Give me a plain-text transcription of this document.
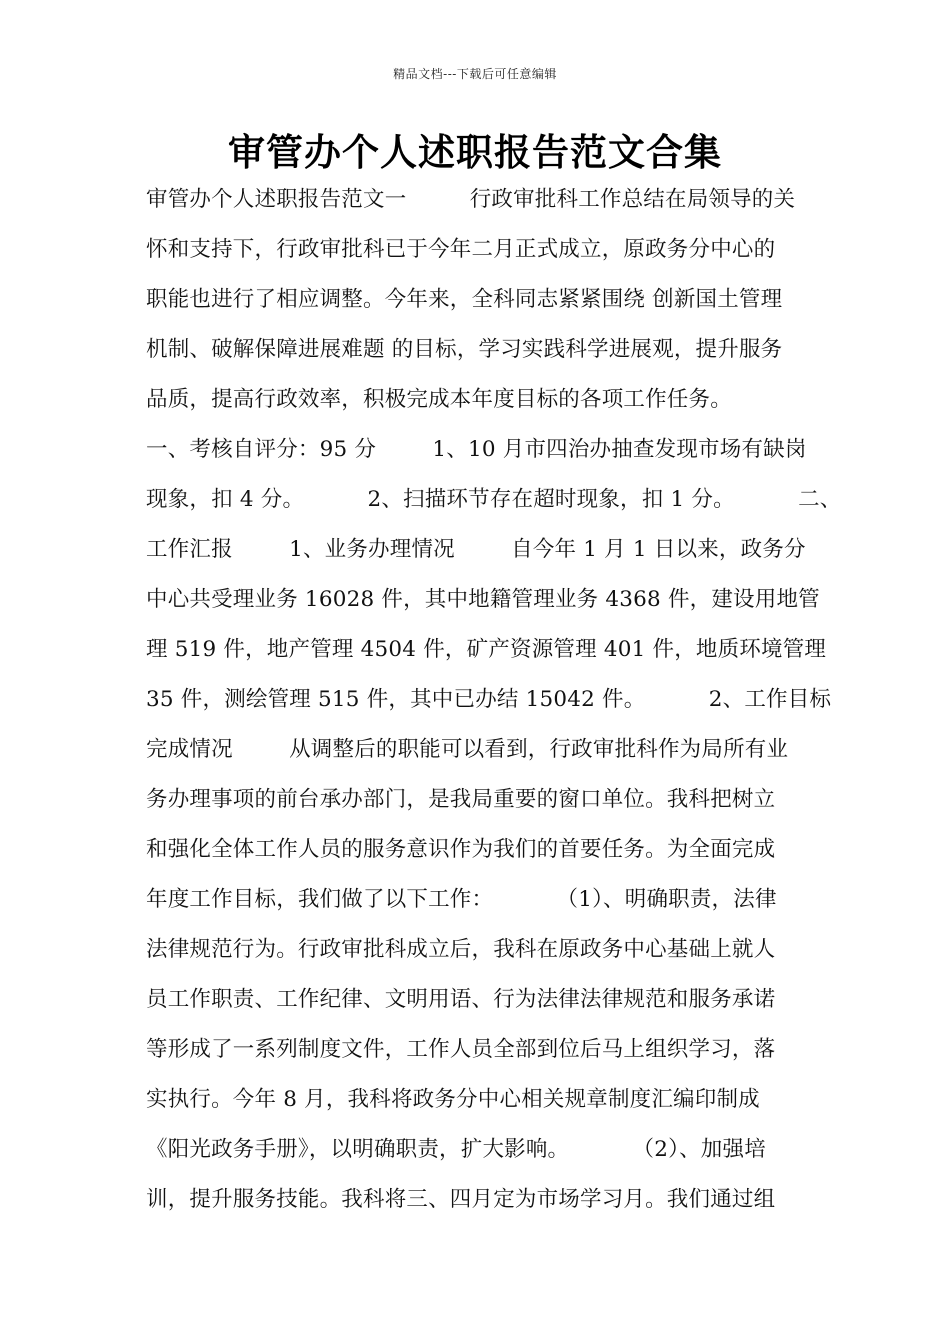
精品文档---下载后可任意编辑
审管办个人述职报告范文合集
审管办个人述职报告范文一         行政审批科工作总结在局领导的关
怀和支持下，行政审批科已于今年二月正式成立，原政务分中心的
职能也进行了相应调整。今年来，全科同志紧紧围绕 创新国土管理
机制、破解保障进展难题 的目标，学习实践科学进展观，提升服务
品质，提高行政效率，积极完成本年度目标的各项工作任务。
一、考核自评分：95 分        1、10 月市四治办抽查发现市场有缺岗
现象，扣 4 分。         2、扫描环节存在超时现象，扣 1 分。         二、
工作汇报        1、业务办理情况        自今年 1 月 1 日以来，政务分
中心共受理业务 16028 件，其中地籍管理业务 4368 件，建设用地管
理 519 件，地产管理 4504 件，矿产资源管理 401 件，地质环境管理
35 件，测绘管理 515 件，其中已办结 15042 件。         2、工作目标
完成情况        从调整后的职能可以看到，行政审批科作为局所有业
务办理事项的前台承办部门，是我局重要的窗口单位。我科把树立
和强化全体工作人员的服务意识作为我们的首要任务。为全面完成
年度工作目标，我们做了以下工作：         （1）、明确职责，法律
法律规范行为。行政审批科成立后，我科在原政务中心基础上就人
员工作职责、工作纪律、文明用语、行为法律法律规范和服务承诺
等形成了一系列制度文件，工作人员全部到位后马上组织学习，落
实执行。今年 8 月，我科将政务分中心相关规章制度汇编印制成
《阳光政务手册》，以明确职责，扩大影响。         （2）、加强培
训，提升服务技能。我科将三、四月定为市场学习月。我们通过组
